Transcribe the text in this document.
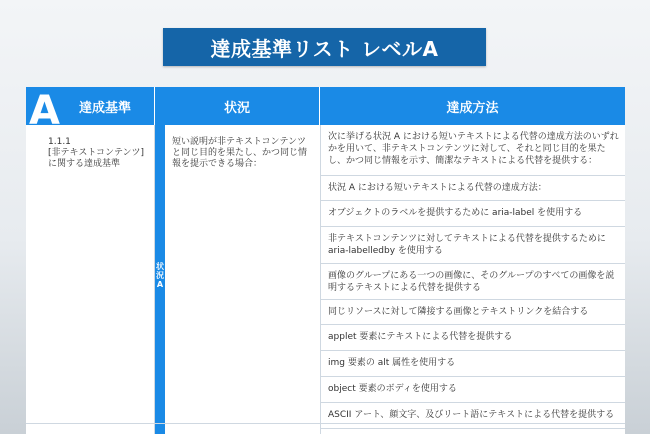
達成基準リスト レベルA
A 達成基準	状況	達成方法
1.1.1
[非テキストコンテンツ]
に関する達成基準
状況A
短い説明が非テキストコンテンツと同じ目的を果たし、かつ同じ情報を提示できる場合：
次に挙げる状況 A における短いテキストによる代替の達成方法のいずれかを用いて、非テキストコンテンツに対して、それと同じ目的を果たし、かつ同じ情報を示す、簡潔なテキストによる代替を提供する：
状況 A における短いテキストによる代替の達成方法：
オブジェクトのラベルを提供するために aria-label を使用する
非テキストコンテンツに対してテキストによる代替を提供するために aria-labelledby を使用する
画像のグループにある一つの画像に、そのグループのすべての画像を説明するテキストによる代替を提供する
同じリソースに対して隣接する画像とテキストリンクを結合する
applet 要素にテキストによる代替を提供する
img 要素の alt 属性を使用する
object 要素のボディを使用する
ASCII アート、顔文字、及びリート語にテキストによる代替を提供する
